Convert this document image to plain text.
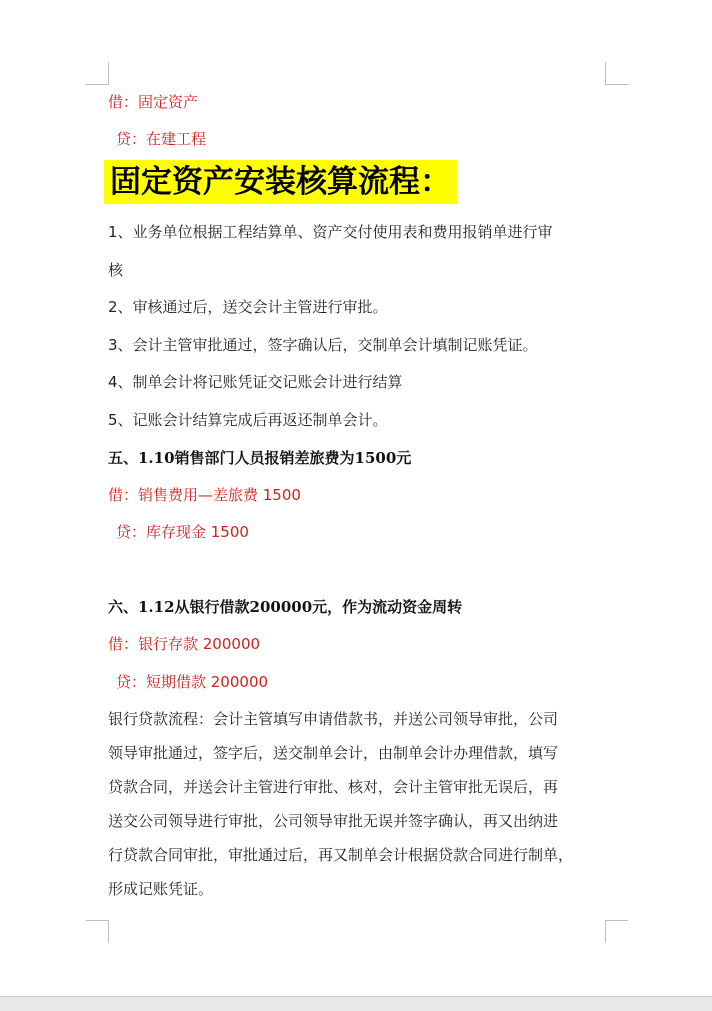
借：固定资产
贷：在建工程
固定资产安装核算流程：
1、业务单位根据工程结算单、资产交付使用表和费用报销单进行审
核
2、审核通过后，送交会计主管进行审批。
3、会计主管审批通过，签字确认后，交制单会计填制记账凭证。
4、制单会计将记账凭证交记账会计进行结算
5、记账会计结算完成后再返还制单会计。
五、1.10销售部门人员报销差旅费为1500元
借：销售费用—差旅费 1500
贷：库存现金 1500
六、1.12从银行借款200000元，作为流动资金周转
借：银行存款 200000
贷：短期借款 200000
银行贷款流程：会计主管填写申请借款书，并送公司领导审批，公司
领导审批通过，签字后，送交制单会计，由制单会计办理借款，填写
贷款合同，并送会计主管进行审批、核对，会计主管审批无误后，再
送交公司领导进行审批，公司领导审批无误并签字确认，再又出纳进
行贷款合同审批，审批通过后，再又制单会计根据贷款合同进行制单，
形成记账凭证。
